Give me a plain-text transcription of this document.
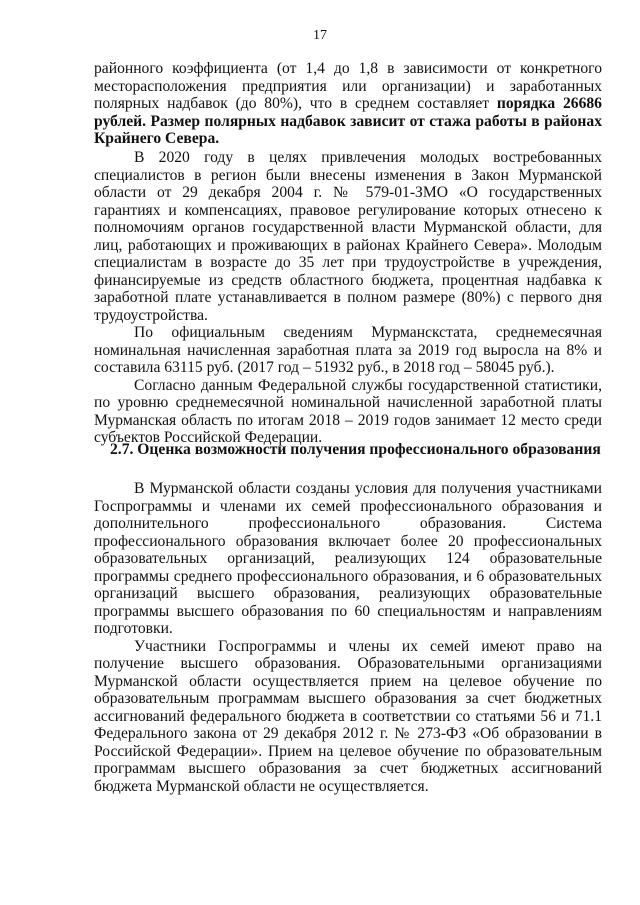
17

районного коэффициента (от 1,4 до 1,8 в зависимости от конкретного месторасположения предприятия или организации) и заработанных полярных надбавок (до 80%), что в среднем составляет порядка 26686 рублей. Размер полярных надбавок зависит от стажа работы в районах Крайнего Севера.

В 2020 году в целях привлечения молодых востребованных специалистов в регион были внесены изменения в Закон Мурманской области от 29 декабря 2004 г. № 579-01-ЗМО «О государственных гарантиях и компенсациях, правовое регулирование которых отнесено к полномочиям органов государственной власти Мурманской области, для лиц, работающих и проживающих в районах Крайнего Севера». Молодым специалистам в возрасте до 35 лет при трудоустройстве в учреждения, финансируемые из средств областного бюджета, процентная надбавка к заработной плате устанавливается в полном размере (80%) с первого дня трудоустройства.

По официальным сведениям Мурманскстата, среднемесячная номинальная начисленная заработная плата за 2019 год выросла на 8% и составила 63115 руб. (2017 год – 51932 руб., в 2018 год – 58045 руб.).

Согласно данным Федеральной службы государственной статистики, по уровню среднемесячной номинальной начисленной заработной платы Мурманская область по итогам 2018 – 2019 годов занимает 12 место среди субъектов Российской Федерации.

2.7. Оценка возможности получения профессионального образования

В Мурманской области созданы условия для получения участниками Госпрограммы и членами их семей профессионального образования и дополнительного профессионального образования. Система профессионального образования включает более 20 профессиональных образовательных организаций, реализующих 124 образовательные программы среднего профессионального образования, и 6 образовательных организаций высшего образования, реализующих образовательные программы высшего образования по 60 специальностям и направлениям подготовки.

Участники Госпрограммы и члены их семей имеют право на получение высшего образования. Образовательными организациями Мурманской области осуществляется прием на целевое обучение по образовательным программам высшего образования за счет бюджетных ассигнований федерального бюджета в соответствии со статьями 56 и 71.1 Федерального закона от 29 декабря 2012 г. № 273-ФЗ «Об образовании в Российской Федерации». Прием на целевое обучение по образовательным программам высшего образования за счет бюджетных ассигнований бюджета Мурманской области не осуществляется.
